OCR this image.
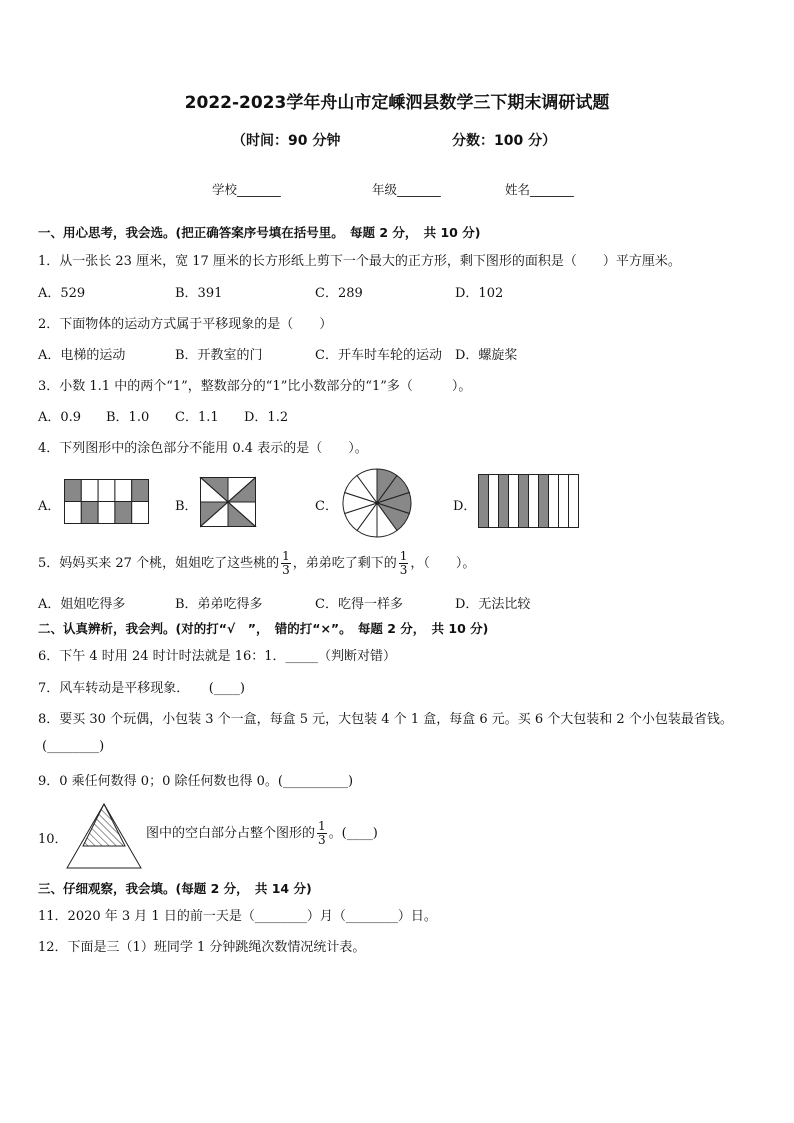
2022-2023学年舟山市定嵊泗县数学三下期末调研试题
（时间：90 分钟	分数：100 分）
学校_______	年级_______	姓名_______
一、用心思考，我会选。(把正确答案序号填在括号里。　每题 2 分，　共 10 分)
1．从一张长 23 厘米，宽 17 厘米的长方形纸上剪下一个最大的正方形，剩下图形的面积是（　　）平方厘米。
A．529	B．391	C．289	D．102
2．下面物体的运动方式属于平移现象的是（　　）
A．电梯的运动	B．开教室的门	C．开车时车轮的运动 D．螺旋桨
3．小数 1.1 中的两个“1”，整数部分的“1”比小数部分的“1”多（　　　）。
A．0.9 B．1.0 C．1.1 D．1.2
4．下列图形中的涂色部分不能用 0.4 表示的是（　　）。
A．	B．	C．	D．
5．妈妈买来 27 个桃，姐姐吃了这些桃的 $\frac{1}{3}$ ，弟弟吃了剩下的 $\frac{1}{3}$ ，（　　）。
A．姐姐吃得多	B．弟弟吃得多	C．吃得一样多	D．无法比较
二、认真辨析，我会判。(对的打“√　”，　错的打“×”。　每题 2 分，　共 10 分)
6．下午 4 时用 24 时计时法就是 16：1．_____（判断对错）
7．风车转动是平移现象．　　(____)
8．要买 30 个玩偶，小包装 3 个一盒，每盒 5 元，大包装 4 个 1 盒，每盒 6 元。买 6 个大包装和 2 个小包装最省钱。
(________)
9．0 乘任何数得 0；0 除任何数也得 0。(__________)
10．	图中的空白部分占整个图形的 $\frac{1}{3}$ 。(____)
三、仔细观察，我会填。(每题 2 分，　共 14 分)
11．2020 年 3 月 1 日的前一天是（________）月（________）日。
12．下面是三（1）班同学 1 分钟跳绳次数情况统计表。
